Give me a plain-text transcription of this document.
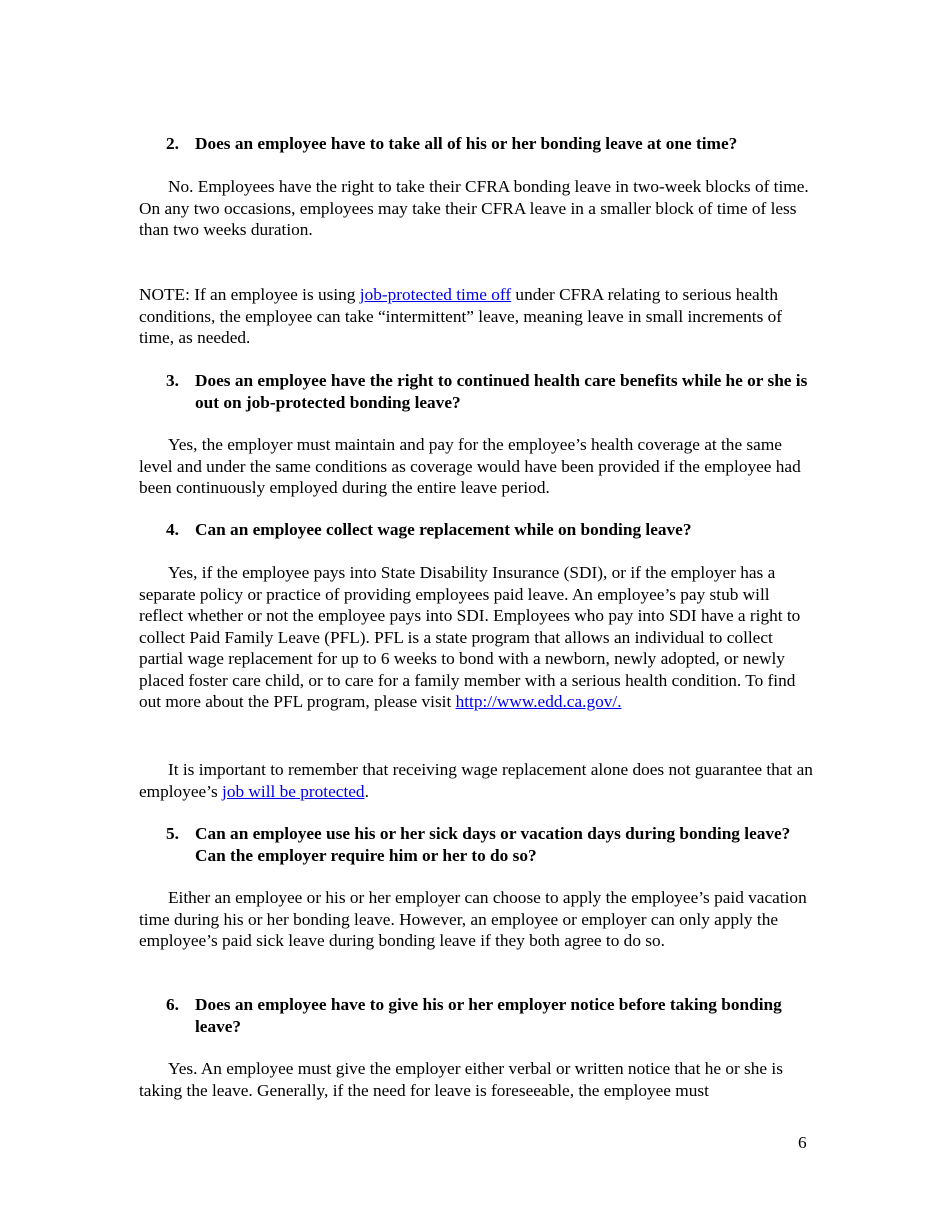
2. Does an employee have to take all of his or her bonding leave at one time?

No. Employees have the right to take their CFRA bonding leave in two-week blocks of time. On any two occasions, employees may take their CFRA leave in a smaller block of time of less than two weeks duration.

NOTE: If an employee is using job-protected time off under CFRA relating to serious health conditions, the employee can take “intermittent” leave, meaning leave in small increments of time, as needed.

3. Does an employee have the right to continued health care benefits while he or she is out on job-protected bonding leave?

Yes, the employer must maintain and pay for the employee’s health coverage at the same level and under the same conditions as coverage would have been provided if the employee had been continuously employed during the entire leave period.

4. Can an employee collect wage replacement while on bonding leave?

Yes, if the employee pays into State Disability Insurance (SDI), or if the employer has a separate policy or practice of providing employees paid leave. An employee’s pay stub will reflect whether or not the employee pays into SDI. Employees who pay into SDI have a right to collect Paid Family Leave (PFL). PFL is a state program that allows an individual to collect partial wage replacement for up to 6 weeks to bond with a newborn, newly adopted, or newly placed foster care child, or to care for a family member with a serious health condition. To find out more about the PFL program, please visit http://www.edd.ca.gov/.

It is important to remember that receiving wage replacement alone does not guarantee that an employee’s job will be protected.

5. Can an employee use his or her sick days or vacation days during bonding leave? Can the employer require him or her to do so?

Either an employee or his or her employer can choose to apply the employee’s paid vacation time during his or her bonding leave. However, an employee or employer can only apply the employee’s paid sick leave during bonding leave if they both agree to do so.

6. Does an employee have to give his or her employer notice before taking bonding leave?

Yes. An employee must give the employer either verbal or written notice that he or she is taking the leave. Generally, if the need for leave is foreseeable, the employee must

6
